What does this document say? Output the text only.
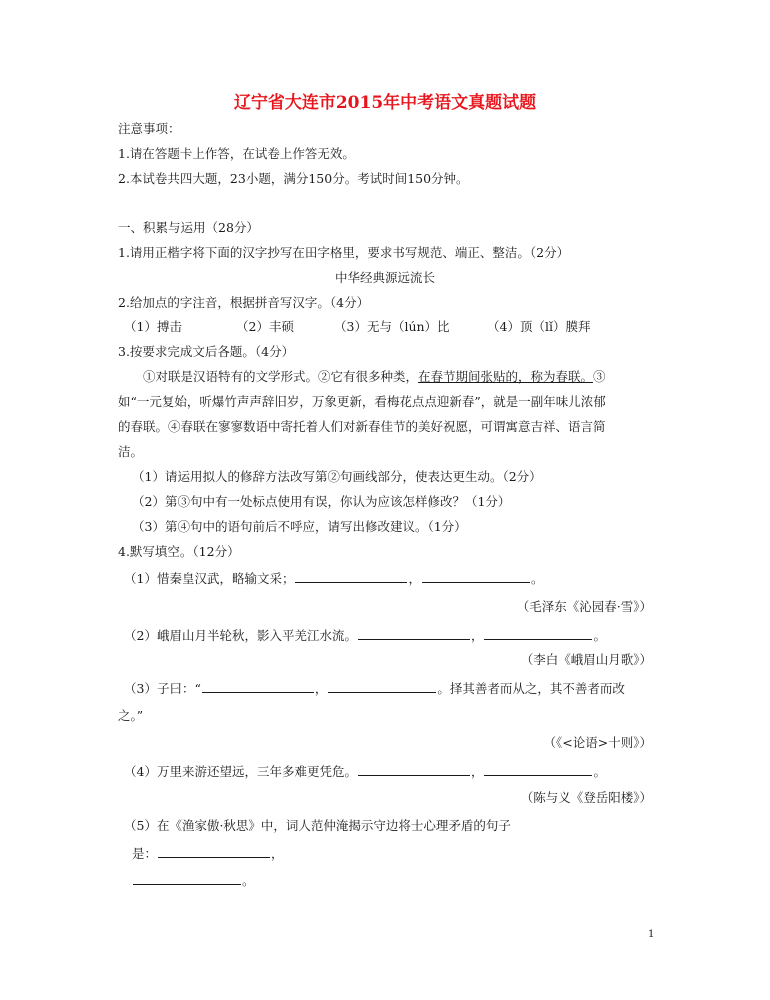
辽宁省大连市2015年中考语文真题试题
注意事项：
1.请在答题卡上作答，在试卷上作答无效。
2.本试卷共四大题，23小题，满分150分。考试时间150分钟。
一、积累与运用（28分）
1.请用正楷字将下面的汉字抄写在田字格里，要求书写规范、端正、整洁。（2分）
中华经典源远流长
2.给加点的字注音，根据拼音写汉字。（4分）
（1）搏击	（2）丰硕	（3）无与（lún）比	（4）顶（lǐ）膜拜
3.按要求完成文后各题。（4分）
①对联是汉语特有的文学形式。②它有很多种类，在春节期间张贴的，称为春联。③
如“一元复始，听爆竹声声辞旧岁，万象更新，看梅花点点迎新春”，就是一副年味儿浓郁
的春联。④春联在寥寥数语中寄托着人们对新春佳节的美好祝愿，可谓寓意吉祥、语言简
洁。
（1）请运用拟人的修辞方法改写第②句画线部分，使表达更生动。（2分）
（2）第③句中有一处标点使用有误，你认为应该怎样修改？（1分）
（3）第④句中的语句前后不呼应，请写出修改建议。（1分）
4.默写填空。（12分）
（1）惜秦皇汉武，略输文采；	，	。
（毛泽东《沁园春·雪》）
（2）峨眉山月半轮秋，影入平羌江水流。	，	。
（李白《峨眉山月歌》）
（3）子曰：“	，	。择其善者而从之，其不善者而改
之。”
（《<论语>十则》）
（4）万里来游还望远，三年多难更凭危。	，	。
（陈与义《登岳阳楼》）
（5）在《渔家傲·秋思》中，词人范仲淹揭示守边将士心理矛盾的句子
是：	，
。
1
